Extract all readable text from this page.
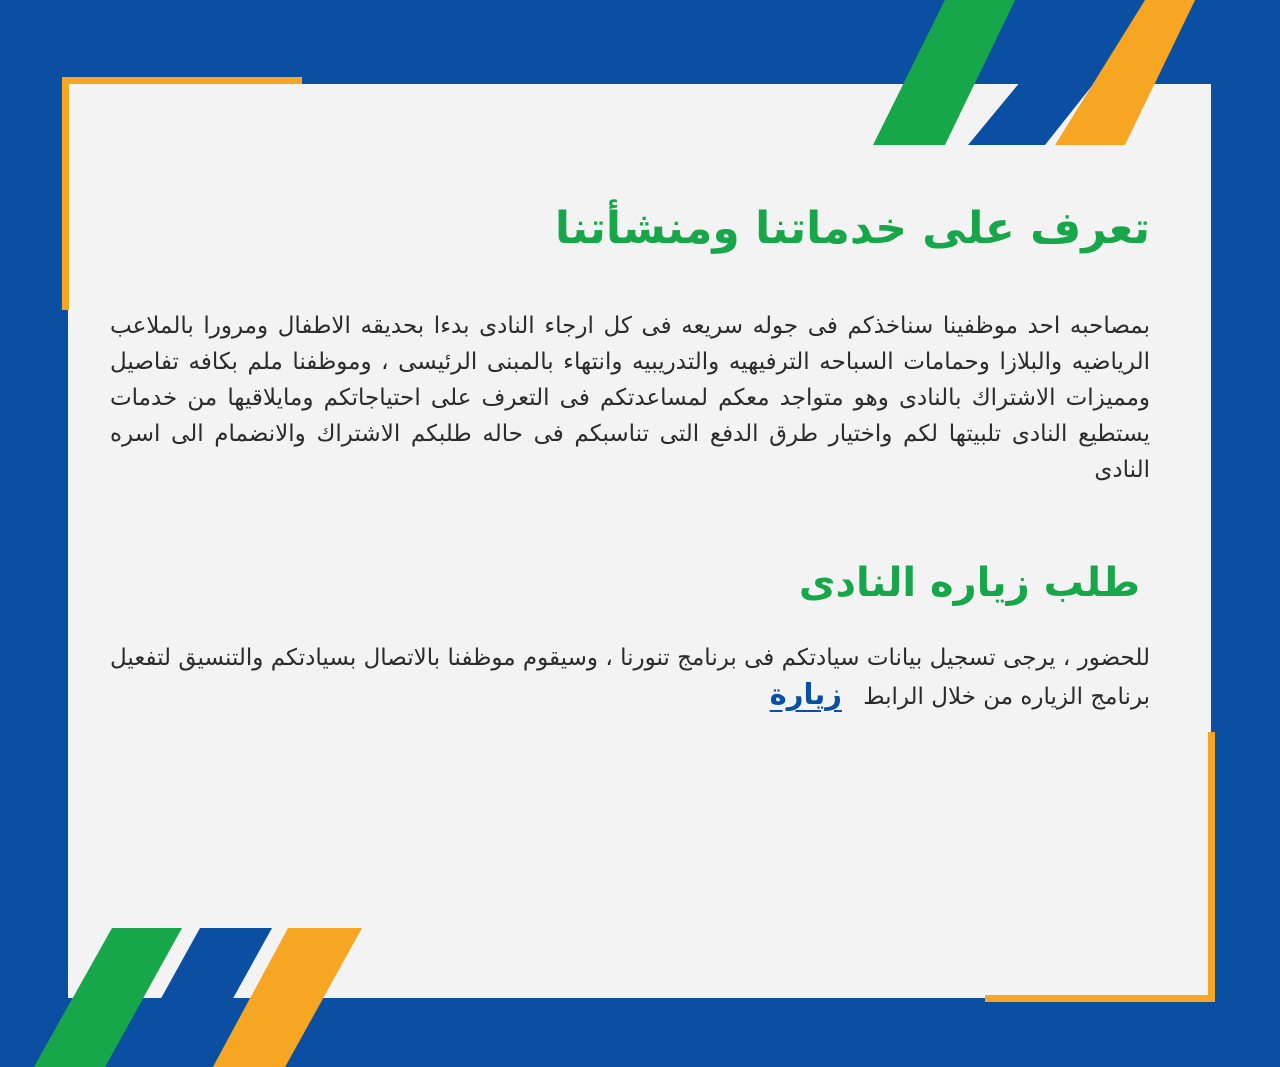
تعرف على خدماتنا ومنشأتنا

بمصاحبه احد موظفينا سناخذكم فى جوله سريعه فى كل ارجاء النادى بدءا بحديقه الاطفال ومرورا بالملاعب الرياضيه والبلازا وحمامات السباحه الترفيهيه والتدريبيه وانتهاء بالمبنى الرئيسى ، وموظفنا ملم بكافه تفاصيل ومميزات الاشتراك بالنادى وهو متواجد معكم لمساعدتكم فى التعرف على احتياجاتكم ومايلاقيها من خدمات يستطيع النادى تلبيتها لكم واختيار طرق الدفع التى تناسبكم فى حاله طلبكم الاشتراك والانضمام الى اسره النادى

طلب زياره النادى

للحضور ، يرجى تسجيل بيانات سيادتكم فى برنامج تنورنا ، وسيقوم موظفنا بالاتصال بسيادتكم والتنسيق لتفعيل برنامج الزياره من خلال الرابط زيارة
